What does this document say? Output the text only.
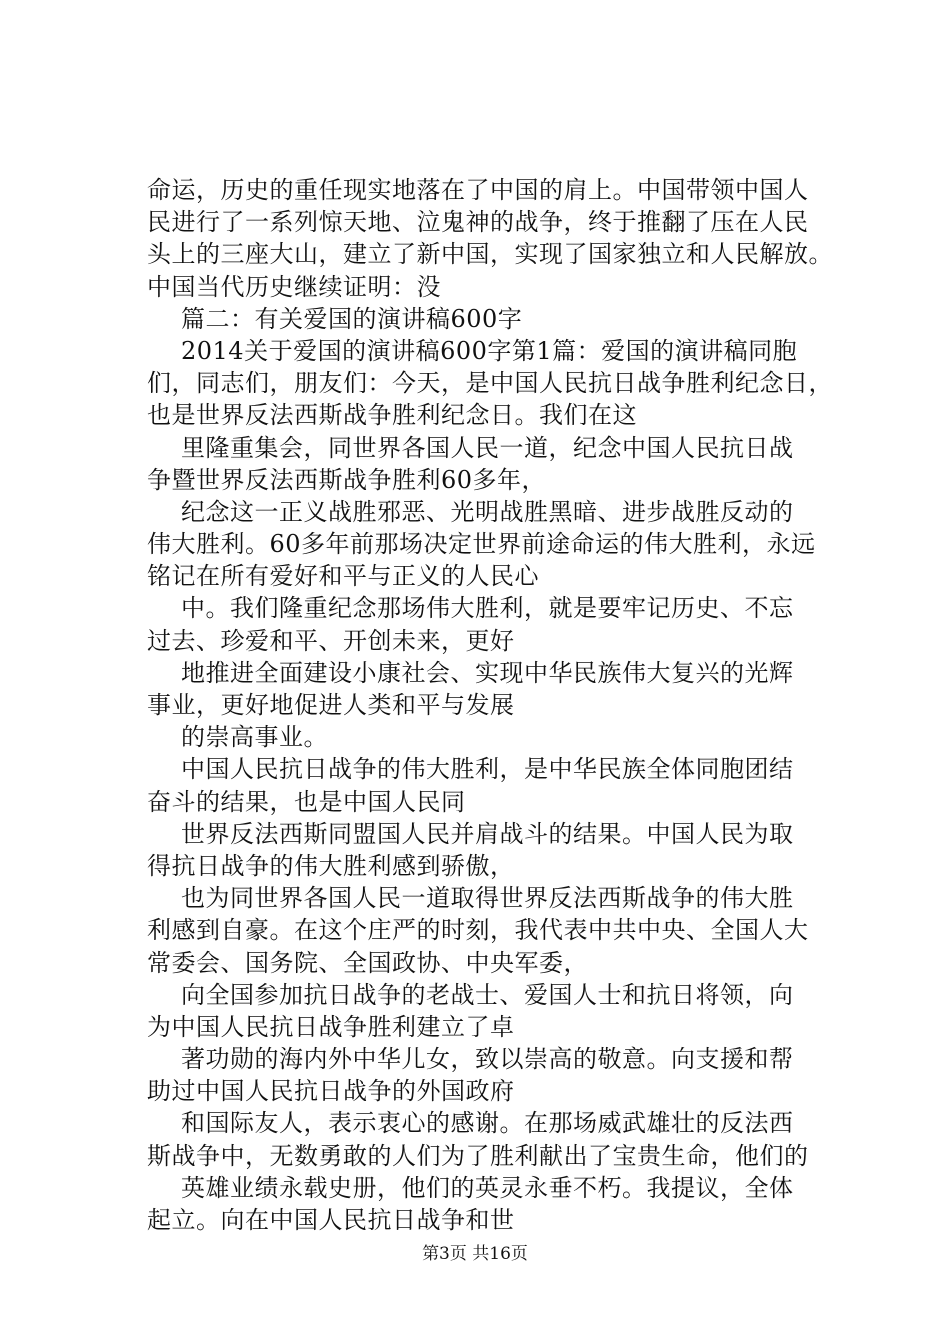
命运，历史的重任现实地落在了中国的肩上。中国带领中国人
民进行了一系列惊天地、泣鬼神的战争，终于推翻了压在人民
头上的三座大山，建立了新中国，实现了国家独立和人民解放。
中国当代历史继续证明：没
篇二：有关爱国的演讲稿600字
2014关于爱国的演讲稿600字第1篇：爱国的演讲稿同胞
们，同志们，朋友们：今天，是中国人民抗日战争胜利纪念日，
也是世界反法西斯战争胜利纪念日。我们在这
里隆重集会，同世界各国人民一道，纪念中国人民抗日战
争暨世界反法西斯战争胜利60多年，
纪念这一正义战胜邪恶、光明战胜黑暗、进步战胜反动的
伟大胜利。60多年前那场决定世界前途命运的伟大胜利，永远
铭记在所有爱好和平与正义的人民心
中。我们隆重纪念那场伟大胜利，就是要牢记历史、不忘
过去、珍爱和平、开创未来，更好
地推进全面建设小康社会、实现中华民族伟大复兴的光辉
事业，更好地促进人类和平与发展
的崇高事业。
中国人民抗日战争的伟大胜利，是中华民族全体同胞团结
奋斗的结果，也是中国人民同
世界反法西斯同盟国人民并肩战斗的结果。中国人民为取
得抗日战争的伟大胜利感到骄傲，
也为同世界各国人民一道取得世界反法西斯战争的伟大胜
利感到自豪。在这个庄严的时刻，我代表中共中央、全国人大
常委会、国务院、全国政协、中央军委，
向全国参加抗日战争的老战士、爱国人士和抗日将领，向
为中国人民抗日战争胜利建立了卓
著功勋的海内外中华儿女，致以崇高的敬意。向支援和帮
助过中国人民抗日战争的外国政府
和国际友人，表示衷心的感谢。在那场威武雄壮的反法西
斯战争中，无数勇敢的人们为了胜利献出了宝贵生命，他们的
英雄业绩永载史册，他们的英灵永垂不朽。我提议，全体
起立。向在中国人民抗日战争和世
第3页 共16页
